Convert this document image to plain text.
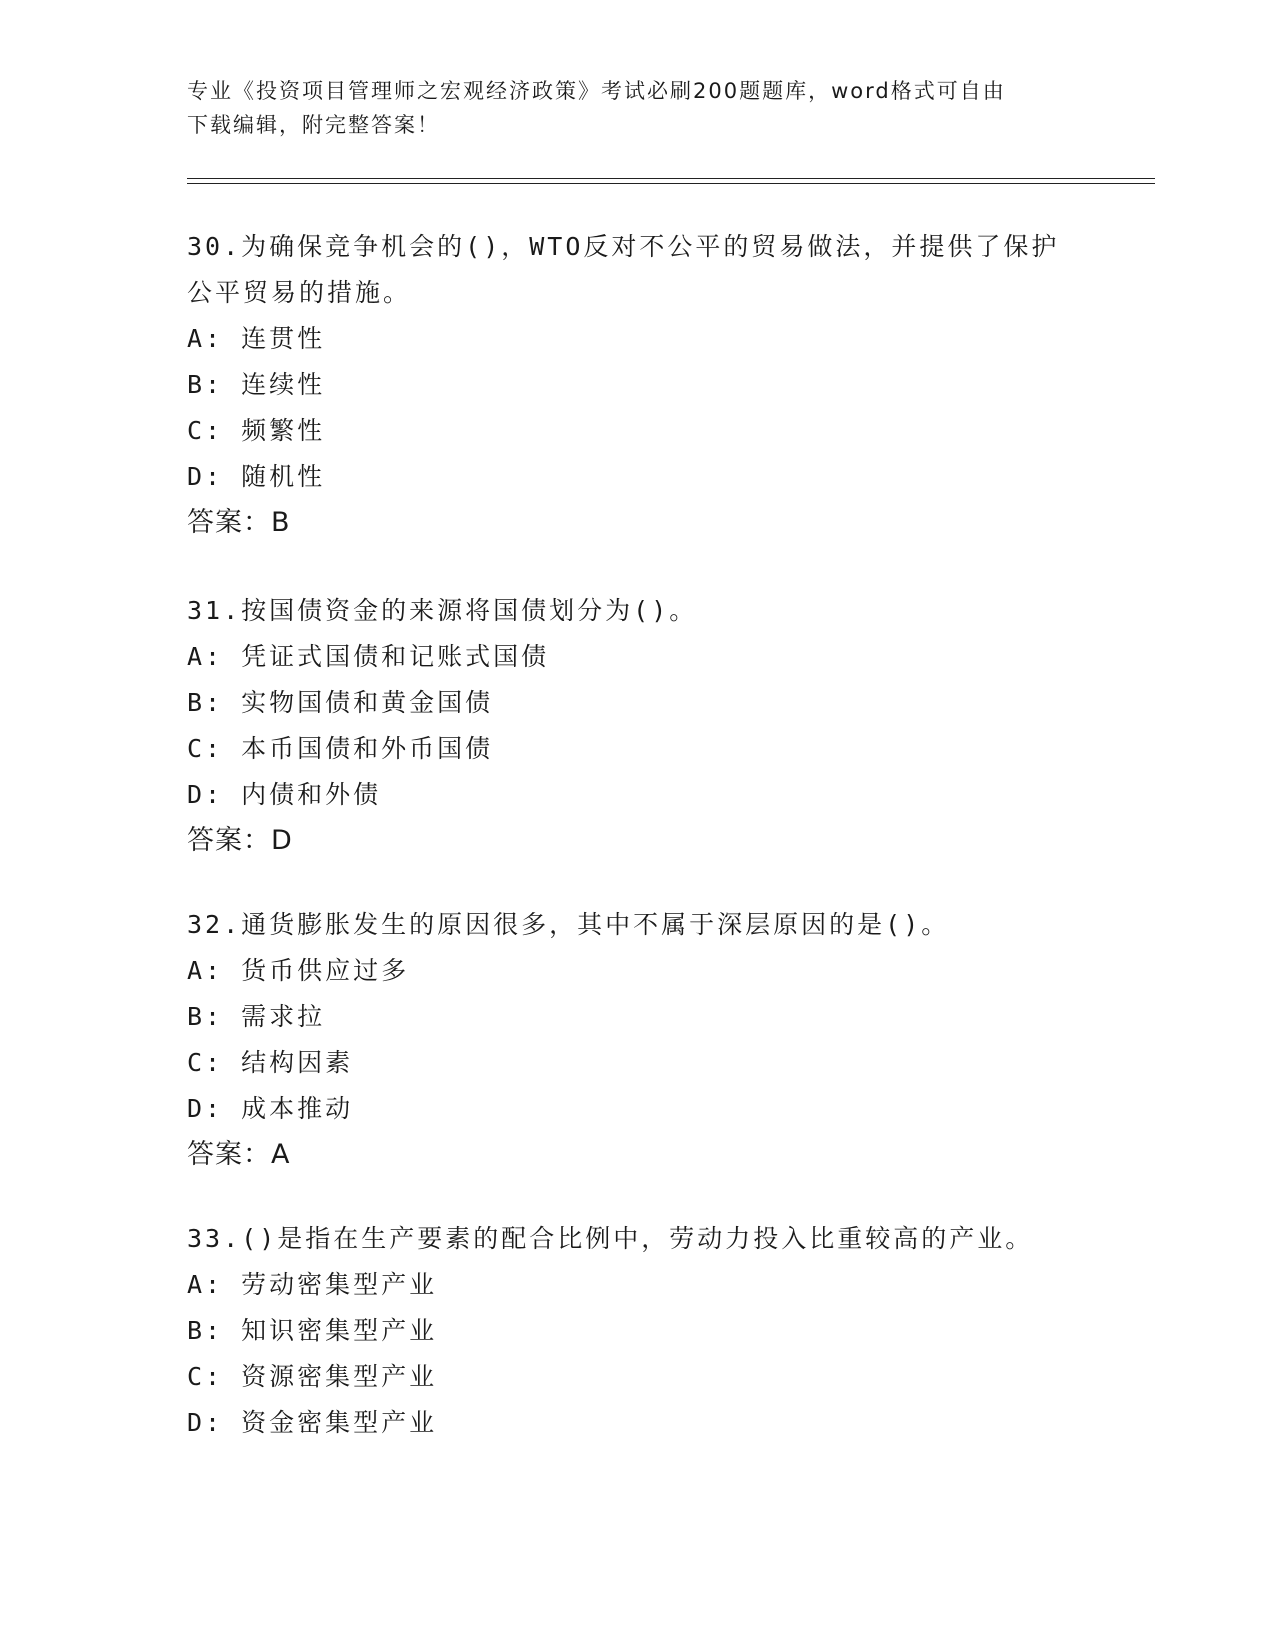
专业《投资项目管理师之宏观经济政策》考试必刷200题题库，word格式可自由
下载编辑，附完整答案！
30.为确保竞争机会的()，WTO反对不公平的贸易做法，并提供了保护
公平贸易的措施。
A: 连贯性
B: 连续性
C: 频繁性
D: 随机性
答案：B
31.按国债资金的来源将国债划分为()。
A: 凭证式国债和记账式国债
B: 实物国债和黄金国债
C: 本币国债和外币国债
D: 内债和外债
答案：D
32.通货膨胀发生的原因很多，其中不属于深层原因的是()。
A: 货币供应过多
B: 需求拉
C: 结构因素
D: 成本推动
答案：A
33.()是指在生产要素的配合比例中，劳动力投入比重较高的产业。
A: 劳动密集型产业
B: 知识密集型产业
C: 资源密集型产业
D: 资金密集型产业
